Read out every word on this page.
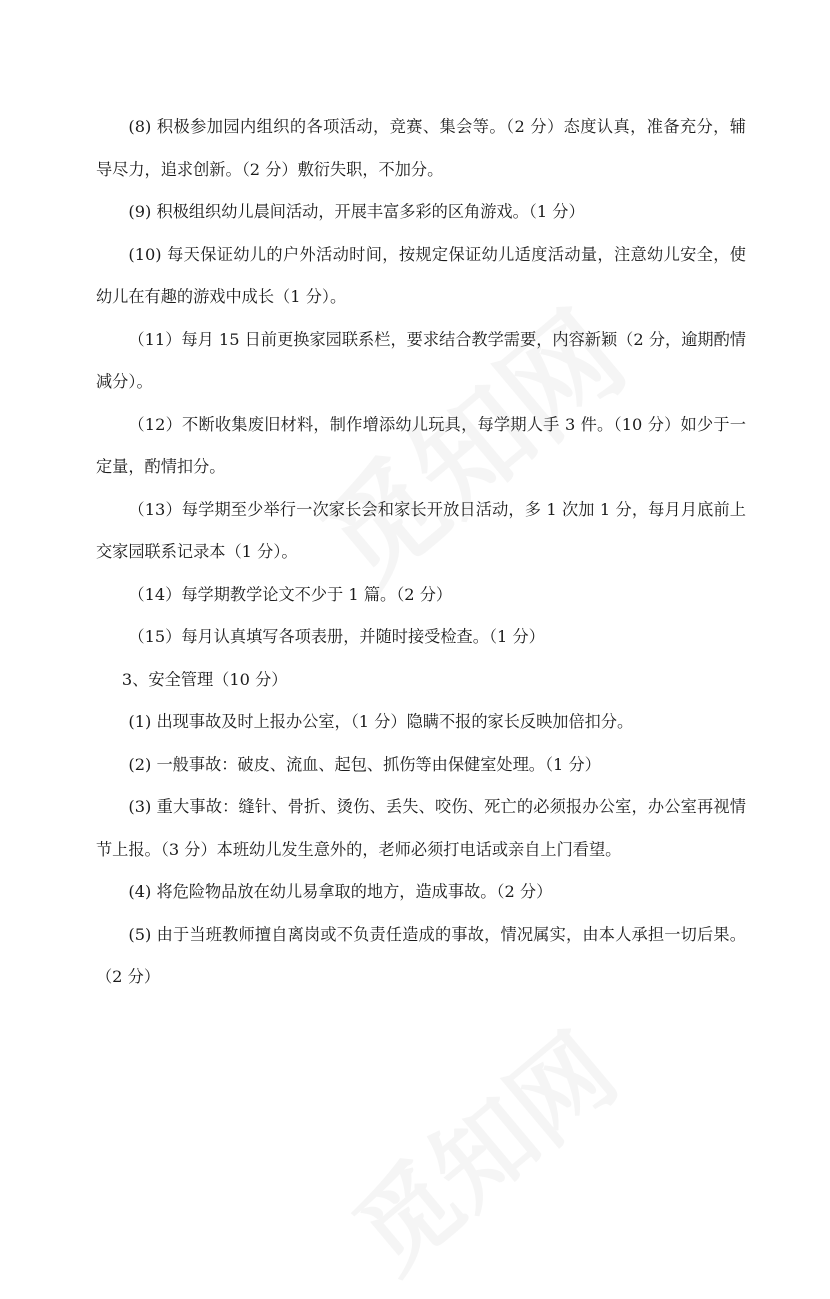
(8) 积极参加园内组织的各项活动，竞赛、集会等。（2 分）态度认真，准备充分，辅导尽力，追求创新。（2 分）敷衍失职，不加分。

(9) 积极组织幼儿晨间活动，开展丰富多彩的区角游戏。（1 分）

(10) 每天保证幼儿的户外活动时间，按规定保证幼儿适度活动量，注意幼儿安全，使幼儿在有趣的游戏中成长（1 分）。

（11）每月 15 日前更换家园联系栏，要求结合教学需要，内容新颖（2 分，逾期酌情减分）。

（12）不断收集废旧材料，制作增添幼儿玩具，每学期人手 3 件。（10 分）如少于一定量，酌情扣分。

（13）每学期至少举行一次家长会和家长开放日活动，多 1 次加 1 分，每月月底前上交家园联系记录本（1 分）。

（14）每学期教学论文不少于 1 篇。（2 分）

（15）每月认真填写各项表册，并随时接受检查。（1 分）

3、安全管理（10 分）

(1) 出现事故及时上报办公室，（1 分）隐瞒不报的家长反映加倍扣分。

(2) 一般事故：破皮、流血、起包、抓伤等由保健室处理。（1 分）

(3) 重大事故：缝针、骨折、烫伤、丢失、咬伤、死亡的必须报办公室，办公室再视情节上报。（3 分）本班幼儿发生意外的，老师必须打电话或亲自上门看望。

(4) 将危险物品放在幼儿易拿取的地方，造成事故。（2 分）

(5) 由于当班教师擅自离岗或不负责任造成的事故，情况属实，由本人承担一切后果。（2 分）
